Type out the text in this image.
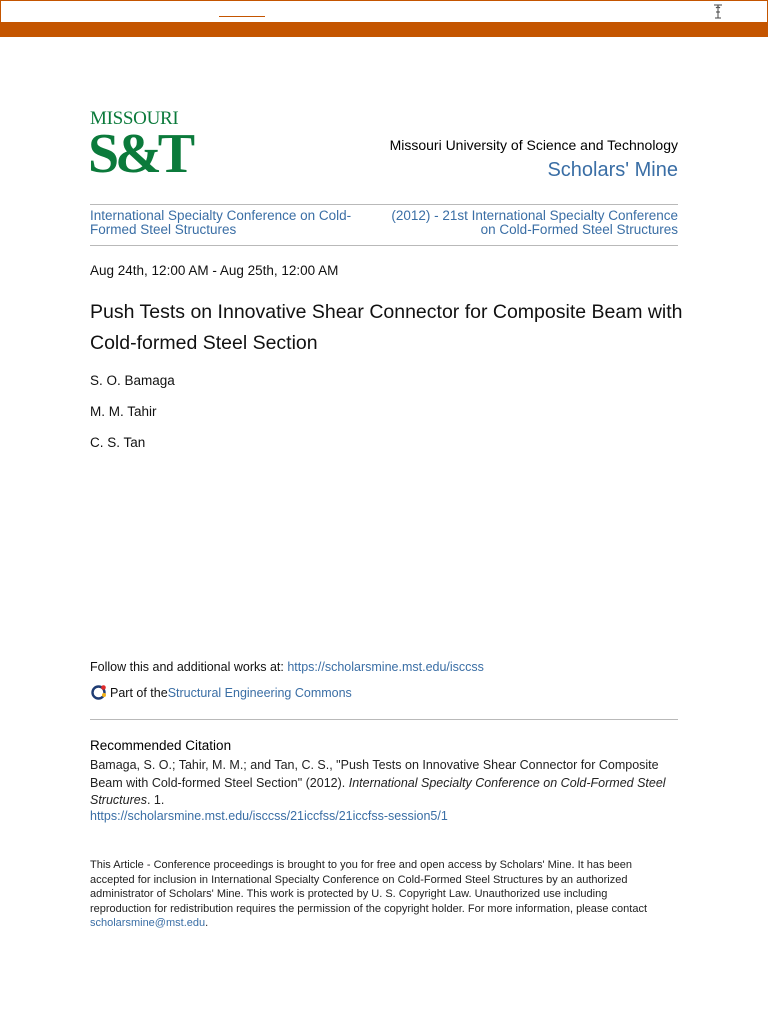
MISSOURI
S&T	Missouri University of Science and Technology
Scholars' Mine
International Specialty Conference on Cold-Formed Steel Structures
(2012) - 21st International Specialty Conference on Cold-Formed Steel Structures
Aug 24th, 12:00 AM - Aug 25th, 12:00 AM
Push Tests on Innovative Shear Connector for Composite Beam with Cold-formed Steel Section
S. O. Bamaga
M. M. Tahir
C. S. Tan
Follow this and additional works at: https://scholarsmine.mst.edu/isccss
Part of the Structural Engineering Commons
Recommended Citation
Bamaga, S. O.; Tahir, M. M.; and Tan, C. S., "Push Tests on Innovative Shear Connector for Composite Beam with Cold-formed Steel Section" (2012). International Specialty Conference on Cold-Formed Steel Structures. 1.
https://scholarsmine.mst.edu/isccss/21iccfss/21iccfss-session5/1
This Article - Conference proceedings is brought to you for free and open access by Scholars' Mine. It has been accepted for inclusion in International Specialty Conference on Cold-Formed Steel Structures by an authorized administrator of Scholars' Mine. This work is protected by U. S. Copyright Law. Unauthorized use including reproduction for redistribution requires the permission of the copyright holder. For more information, please contact scholarsmine@mst.edu.
